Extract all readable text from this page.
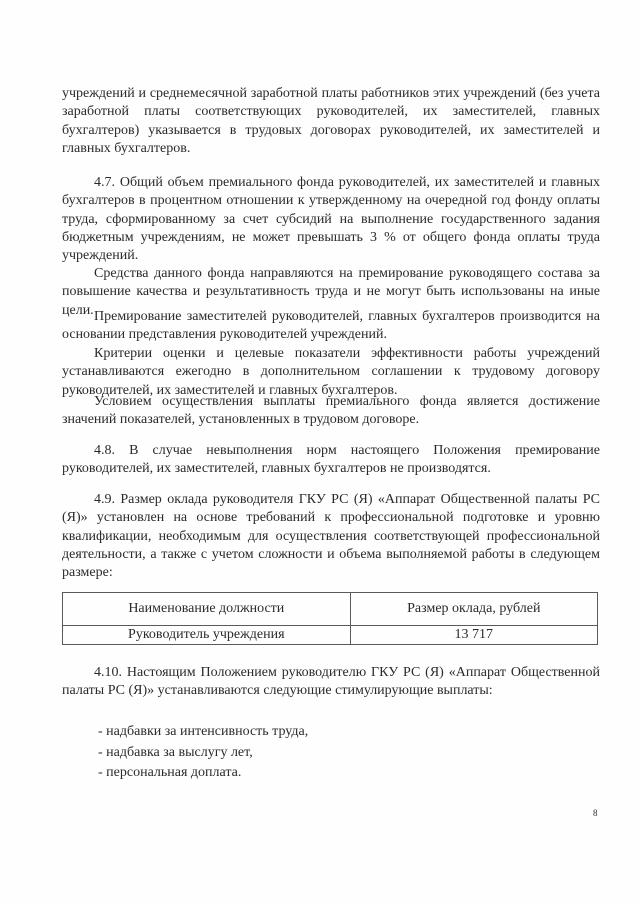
учреждений и среднемесячной заработной платы работников этих учреждений (без учета заработной платы соответствующих руководителей, их заместителей, главных бухгалтеров) указывается в трудовых договорах руководителей, их заместителей и главных бухгалтеров.

4.7. Общий объем премиального фонда руководителей, их заместителей и главных бухгалтеров в процентном отношении к утвержденному на очередной год фонду оплаты труда, сформированному за счет субсидий на выполнение государственного задания бюджетным учреждениям, не может превышать 3 % от общего фонда оплаты труда учреждений.

Средства данного фонда направляются на премирование руководящего состава за повышение качества и результативность труда и не могут быть использованы на иные цели. Премирование заместителей руководителей, главных бухгалтеров производится на основании представления руководителей учреждений.

Критерии оценки и целевые показатели эффективности работы учреждений устанавливаются ежегодно в дополнительном соглашении к трудовому договору руководителей, их заместителей и главных бухгалтеров.

Условием осуществления выплаты премиального фонда является достижение значений показателей, установленных в трудовом договоре.

4.8. В случае невыполнения норм настоящего Положения премирование руководителей, их заместителей, главных бухгалтеров не производятся.

4.9. Размер оклада руководителя ГКУ РС (Я) «Аппарат Общественной палаты РС (Я)» установлен на основе требований к профессиональной подготовке и уровню квалификации, необходимым для осуществления соответствующей профессиональной деятельности, а также с учетом сложности и объема выполняемой работы в следующем размере:

Наименование должности	Размер оклада, рублей
Руководитель учреждения	13 717

4.10. Настоящим Положением руководителю ГКУ РС (Я) «Аппарат Общественной палаты РС (Я)» устанавливаются следующие стимулирующие выплаты:

- надбавки за интенсивность труда,
- надбавка за выслугу лет,
- персональная доплата.
8
